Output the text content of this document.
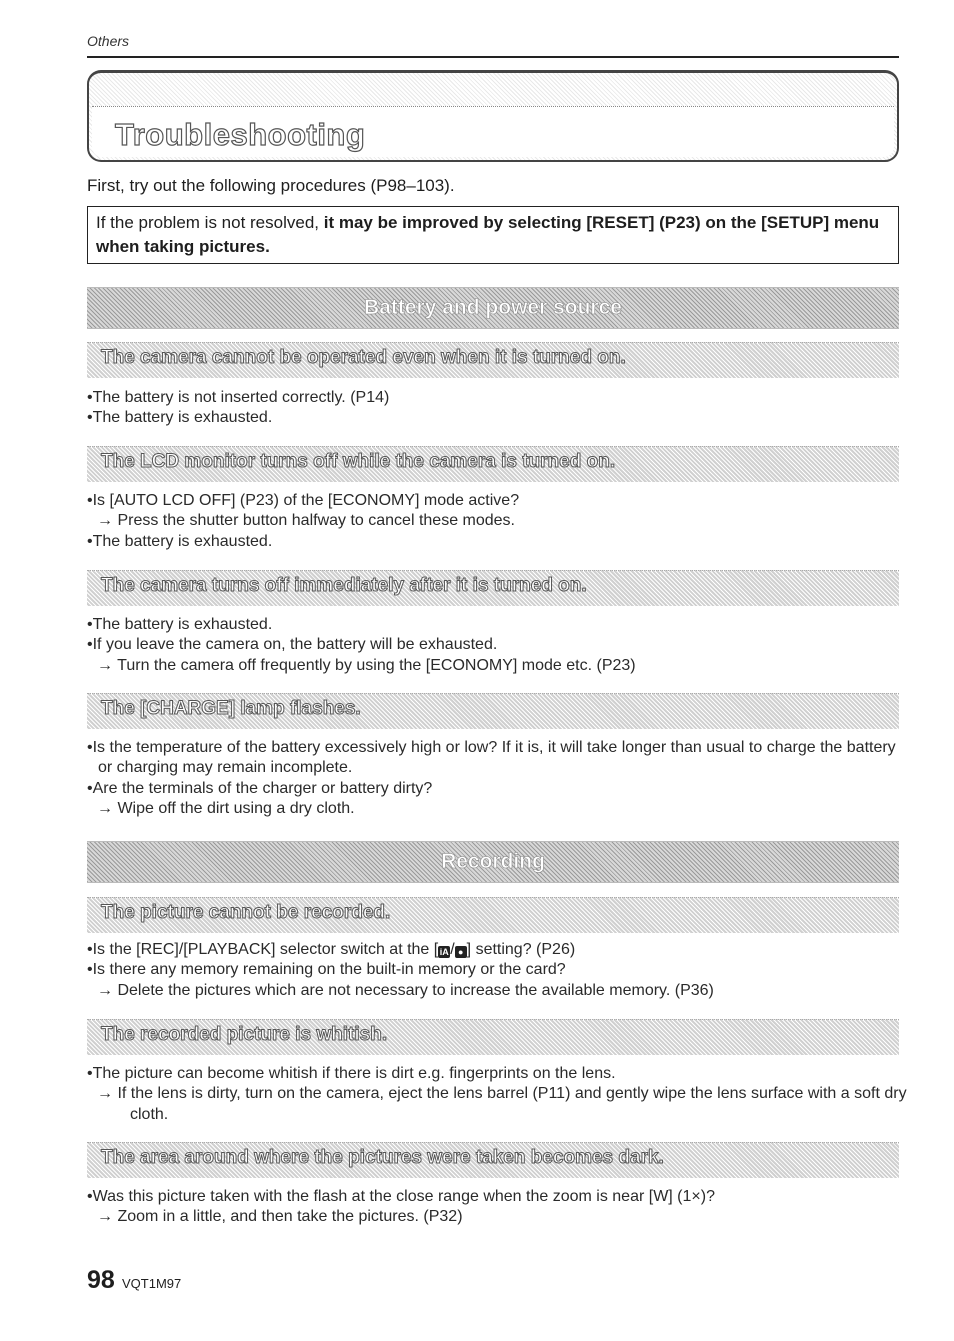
Others
Troubleshooting
First, try out the following procedures (P98–103).
If the problem is not resolved, it may be improved by selecting [RESET] (P23) on the [SETUP] menu when taking pictures.
Battery and power source
The camera cannot be operated even when it is turned on.
•The battery is not inserted correctly. (P14)
•The battery is exhausted.
The LCD monitor turns off while the camera is turned on.
•Is [AUTO LCD OFF] (P23) of the [ECONOMY] mode active?
→ Press the shutter button halfway to cancel these modes.
•The battery is exhausted.
The camera turns off immediately after it is turned on.
•The battery is exhausted.
•If you leave the camera on, the battery will be exhausted.
→ Turn the camera off frequently by using the [ECONOMY] mode etc. (P23)
The [CHARGE] lamp flashes.
•Is the temperature of the battery excessively high or low? If it is, it will take longer than usual to charge the battery or charging may remain incomplete.
•Are the terminals of the charger or battery dirty?
→ Wipe off the dirt using a dry cloth.
Recording
The picture cannot be recorded.
•Is the [REC]/[PLAYBACK] selector switch at the [ iA/ ● ] setting? (P26)
•Is there any memory remaining on the built-in memory or the card?
→ Delete the pictures which are not necessary to increase the available memory. (P36)
The recorded picture is whitish.
•The picture can become whitish if there is dirt e.g. fingerprints on the lens.
→ If the lens is dirty, turn on the camera, eject the lens barrel (P11) and gently wipe the lens surface with a soft dry cloth.
The area around where the pictures were taken becomes dark.
•Was this picture taken with the flash at the close range when the zoom is near [W] (1×)?
→ Zoom in a little, and then take the pictures. (P32)
98 VQT1M97
